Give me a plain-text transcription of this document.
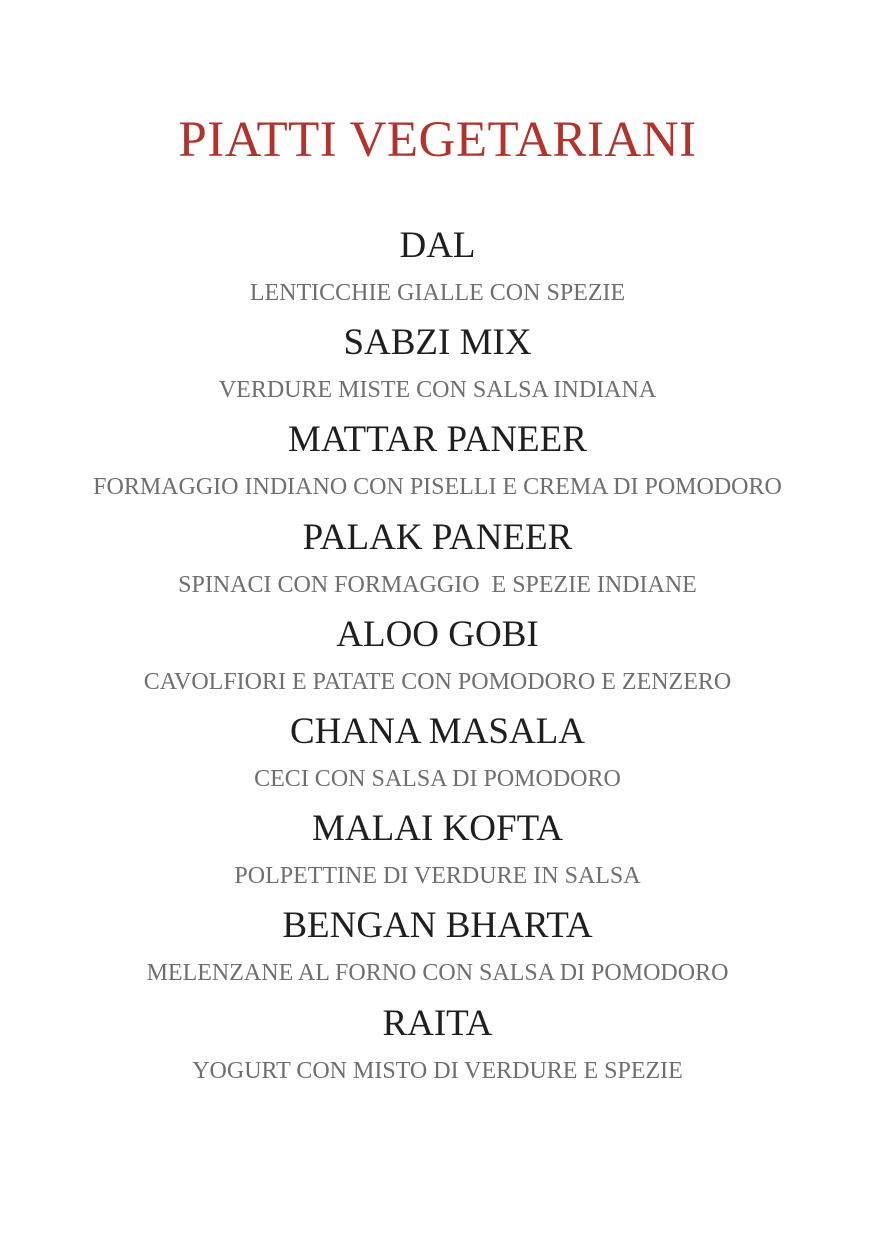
PIATTI VEGETARIANI
DAL
LENTICCHIE GIALLE CON SPEZIE
SABZI MIX
VERDURE MISTE CON SALSA INDIANA
MATTAR PANEER
FORMAGGIO INDIANO CON PISELLI E CREMA DI POMODORO
PALAK PANEER
SPINACI CON FORMAGGIO  E SPEZIE INDIANE
ALOO GOBI
CAVOLFIORI E PATATE CON POMODORO E ZENZERO
CHANA MASALA
CECI CON SALSA DI POMODORO
MALAI KOFTA
POLPETTINE DI VERDURE IN SALSA
BENGAN BHARTA
MELENZANE AL FORNO CON SALSA DI POMODORO
RAITA
YOGURT CON MISTO DI VERDURE E SPEZIE
